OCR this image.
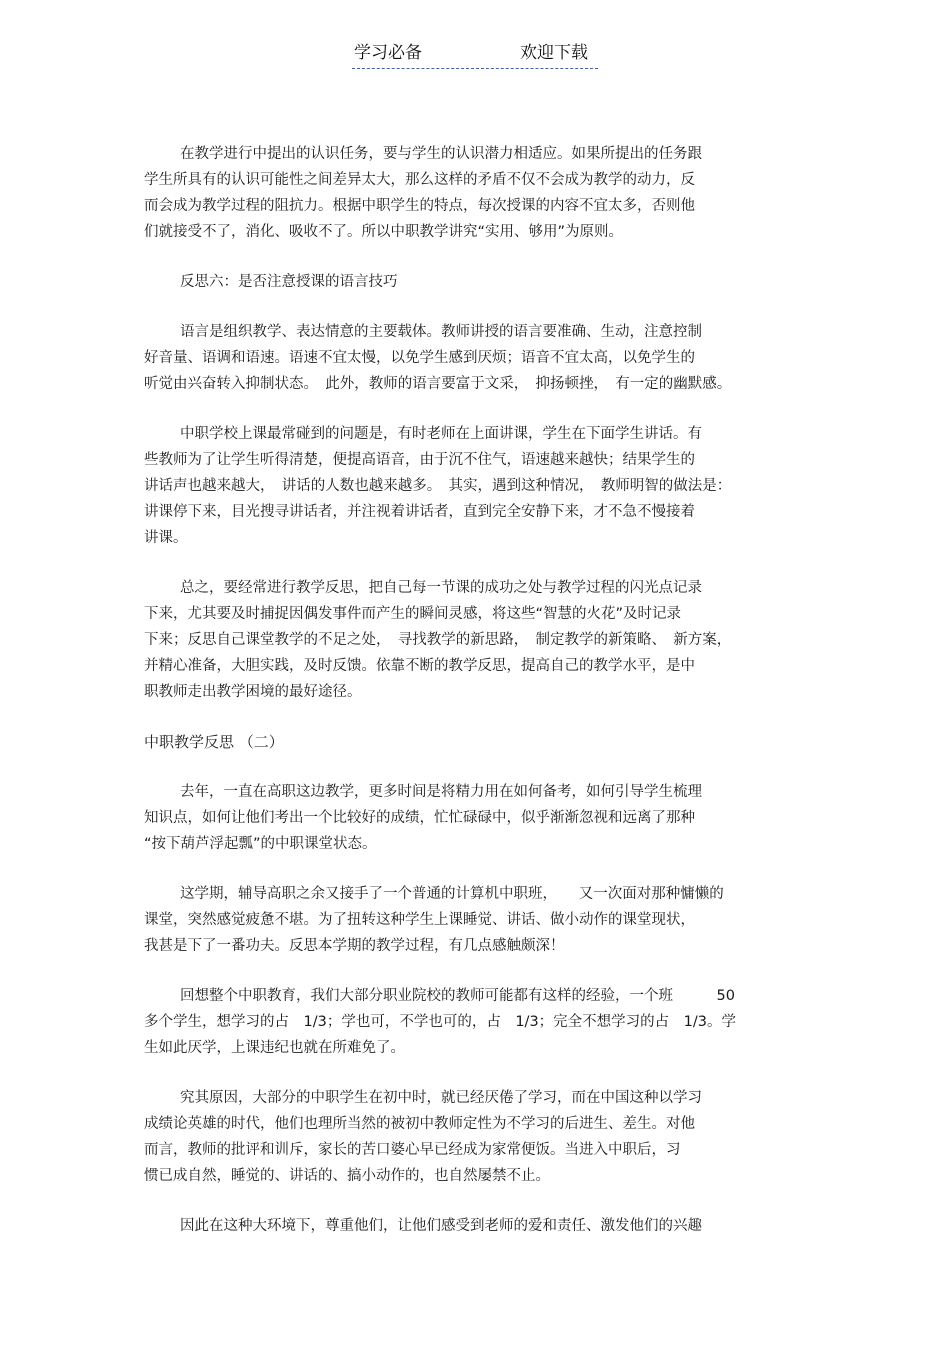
学习必备	欢迎下载
在教学进行中提出的认识任务，要与学生的认识潜力相适应。如果所提出的任务跟
学生所具有的认识可能性之间差异太大，那么这样的矛盾不仅不会成为教学的动力，反
而会成为教学过程的阻抗力。根据中职学生的特点，每次授课的内容不宜太多，否则他
们就接受不了，消化、吸收不了。所以中职教学讲究“实用、够用”为原则。
反思六：是否注意授课的语言技巧
语言是组织教学、表达情意的主要载体。教师讲授的语言要准确、生动，注意控制
好音量、语调和语速。语速不宜太慢，以免学生感到厌烦；语音不宜太高，以免学生的
听觉由兴奋转入抑制状态。　此外，教师的语言要富于文采，　抑扬顿挫，　有一定的幽默感。
中职学校上课最常碰到的问题是，有时老师在上面讲课，学生在下面学生讲话。有
些教师为了让学生听得清楚，便提高语音，由于沉不住气，语速越来越快；结果学生的
讲话声也越来越大，　讲话的人数也越来越多。　其实，遇到这种情况，　教师明智的做法是：
讲课停下来，目光搜寻讲话者，并注视着讲话者，直到完全安静下来，才不急不慢接着
讲课。
总之，要经常进行教学反思，把自己每一节课的成功之处与教学过程的闪光点记录
下来，尤其要及时捕捉因偶发事件而产生的瞬间灵感，将这些“智慧的火花”及时记录
下来；反思自己课堂教学的不足之处，　寻找教学的新思路，　制定教学的新策略、　新方案，
并精心准备，大胆实践，及时反馈。依靠不断的教学反思，提高自己的教学水平，是中
职教师走出教学困境的最好途径。
中职教学反思 （二）
去年，一直在高职这边教学，更多时间是将精力用在如何备考，如何引导学生梳理
知识点，如何让他们考出一个比较好的成绩，忙忙碌碌中，似乎渐渐忽视和远离了那种
“按下葫芦浮起瓢”的中职课堂状态。
这学期，辅导高职之余又接手了一个普通的计算机中职班，　　又一次面对那种慵懒的
课堂，突然感觉疲惫不堪。为了扭转这种学生上课睡觉、讲话、做小动作的课堂现状，
我甚是下了一番功夫。反思本学期的教学过程，有几点感触颇深！
回想整个中职教育，我们大部分职业院校的教师可能都有这样的经验，一个班　　　50
多个学生，想学习的占　1/3；学也可，不学也可的，占　1/3；完全不想学习的占　1/3。学
生如此厌学，上课违纪也就在所难免了。
究其原因，大部分的中职学生在初中时，就已经厌倦了学习，而在中国这种以学习
成绩论英雄的时代，他们也理所当然的被初中教师定性为不学习的后进生、差生。对他
而言，教师的批评和训斥，家长的苦口婆心早已经成为家常便饭。当进入中职后，习
惯已成自然，睡觉的、讲话的、搞小动作的，也自然屡禁不止。
因此在这种大环境下，尊重他们，让他们感受到老师的爱和责任、激发他们的兴趣
